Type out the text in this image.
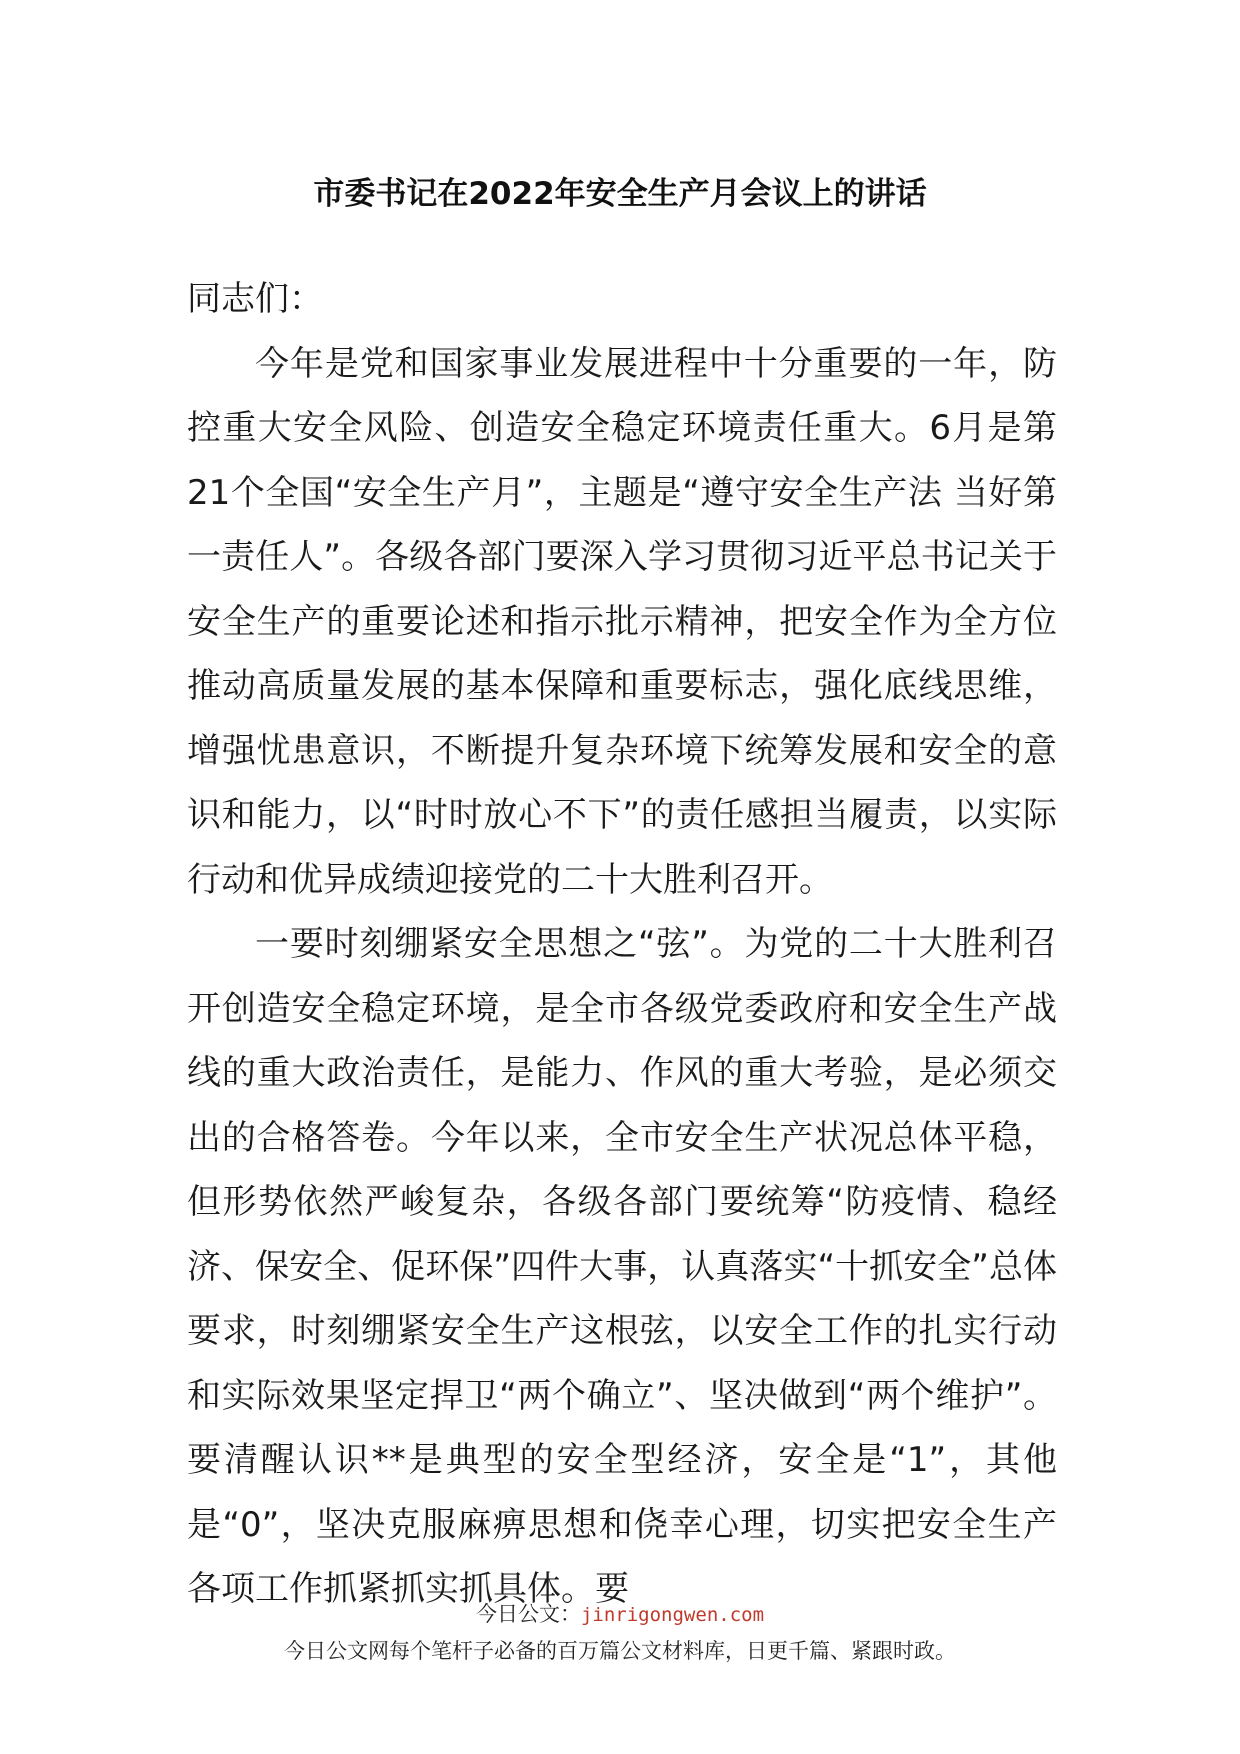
市委书记在2022年安全生产月会议上的讲话

同志们：

今年是党和国家事业发展进程中十分重要的一年，防控重大安全风险、创造安全稳定环境责任重大。6月是第21个全国“安全生产月”，主题是“遵守安全生产法 当好第一责任人”。各级各部门要深入学习贯彻习近平总书记关于安全生产的重要论述和指示批示精神，把安全作为全方位推动高质量发展的基本保障和重要标志，强化底线思维，增强忧患意识，不断提升复杂环境下统筹发展和安全的意识和能力，以“时时放心不下”的责任感担当履责，以实际行动和优异成绩迎接党的二十大胜利召开。

一要时刻绷紧安全思想之“弦”。为党的二十大胜利召开创造安全稳定环境，是全市各级党委政府和安全生产战线的重大政治责任，是能力、作风的重大考验，是必须交出的合格答卷。今年以来，全市安全生产状况总体平稳，但形势依然严峻复杂，各级各部门要统筹“防疫情、稳经济、保安全、促环保”四件大事，认真落实“十抓安全”总体要求，时刻绷紧安全生产这根弦，以安全工作的扎实行动和实际效果坚定捍卫“两个确立”、坚决做到“两个维护”。要清醒认识**是典型的安全型经济，安全是“1”，其他是“0”，坚决克服麻痹思想和侥幸心理，切实把安全生产各项工作抓紧抓实抓具体。要

今日公文：jinrigongwen.com
今日公文网每个笔杆子必备的百万篇公文材料库，日更千篇、紧跟时政。
